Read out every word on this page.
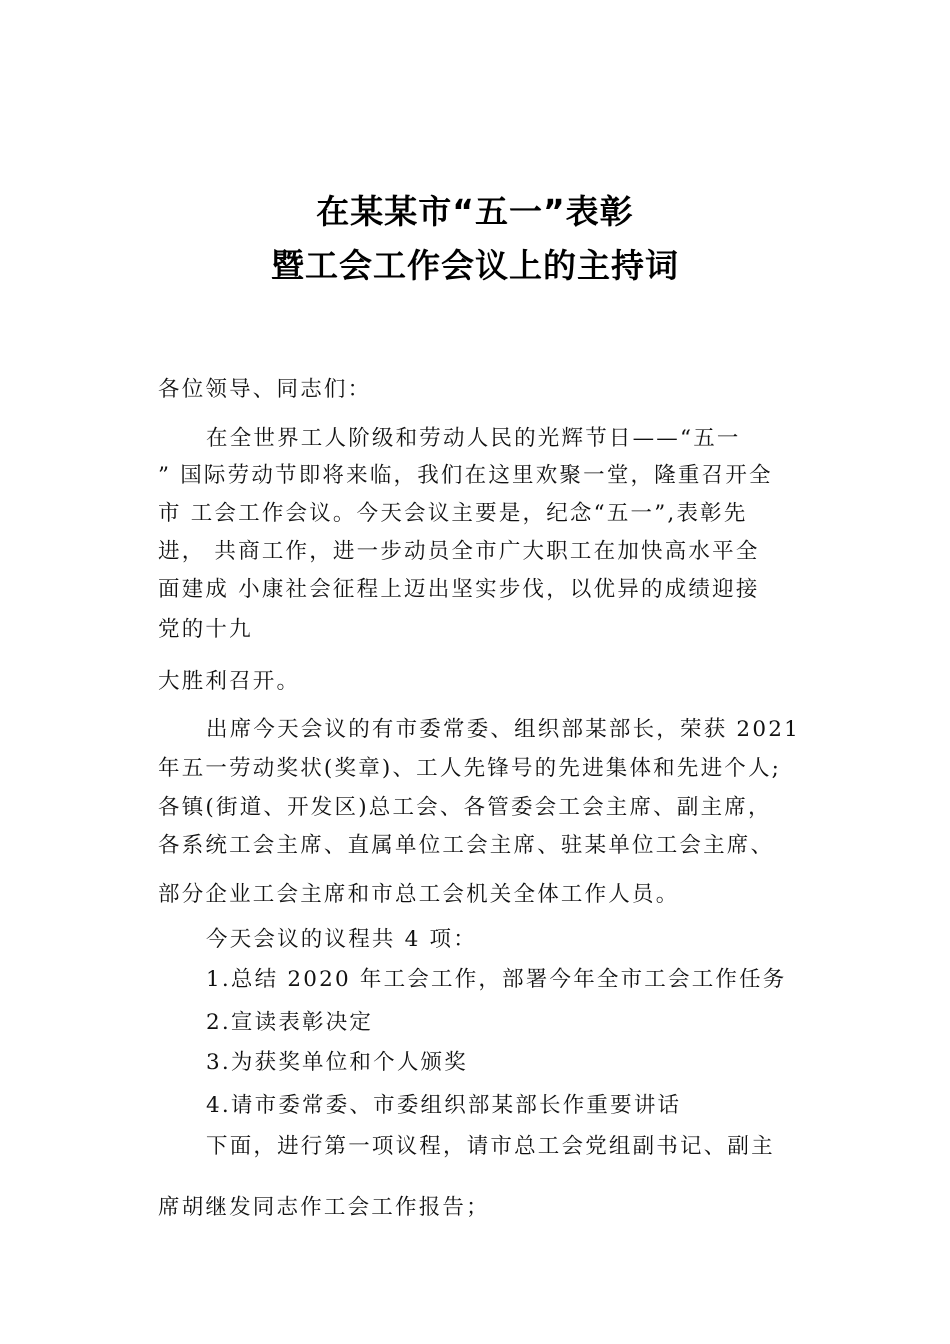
在某某市“五一”表彰
暨工会工作会议上的主持词
各位领导、同志们：
在全世界工人阶级和劳动人民的光辉节日——“五一
” 国际劳动节即将来临，我们在这里欢聚一堂，隆重召开全
市 工会工作会议。今天会议主要是，纪念“五一”,表彰先
进， 共商工作，进一步动员全市广大职工在加快高水平全
面建成 小康社会征程上迈出坚实步伐，以优异的成绩迎接
党的十九
大胜利召开。
出席今天会议的有市委常委、组织部某部长，荣获 2021
年五一劳动奖状(奖章)、工人先锋号的先进集体和先进个人;
各镇(街道、开发区)总工会、各管委会工会主席、副主席，
各系统工会主席、直属单位工会主席、驻某单位工会主席、
部分企业工会主席和市总工会机关全体工作人员。
今天会议的议程共 4 项：
1.总结 2020 年工会工作，部署今年全市工会工作任务
2.宣读表彰决定
3.为获奖单位和个人颁奖
4.请市委常委、市委组织部某部长作重要讲话
下面，进行第一项议程，请市总工会党组副书记、副主
席胡继发同志作工会工作报告；
